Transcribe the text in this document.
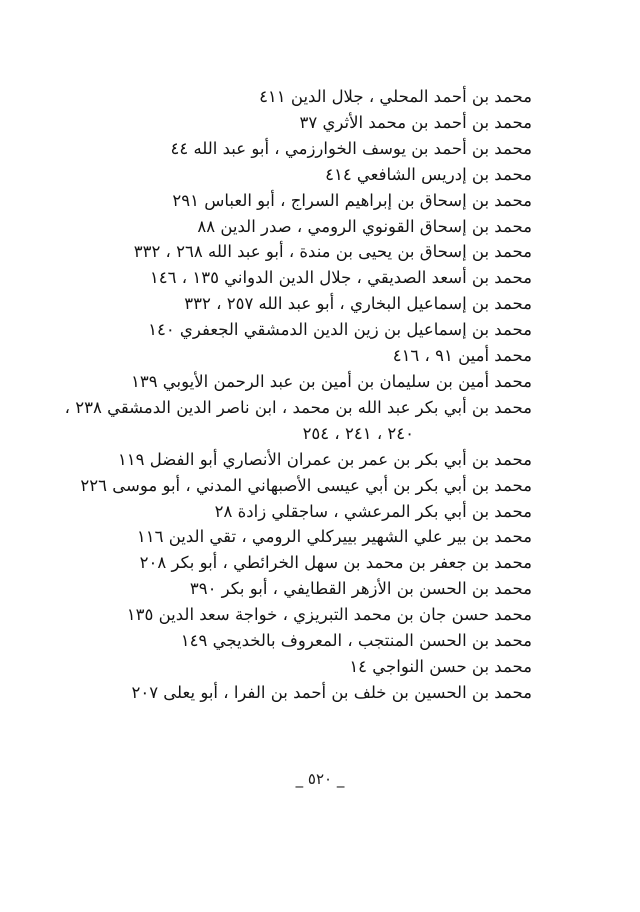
محمد بن أحمد المحلي ، جلال الدين ٤١١
محمد بن أحمد بن محمد الأثري ٣٧
محمد بن أحمد بن يوسف الخوارزمي ، أبو عبد الله ٤٤
محمد بن إدريس الشافعي ٤١٤
محمد بن إسحاق بن إبراهيم السراج ، أبو العباس ٢٩١
محمد بن إسحاق القونوي الرومي ، صدر الدين ٨٨
محمد بن إسحاق بن يحيى بن مندة ، أبو عبد الله ٢٦٨ ، ٣٣٢
محمد بن أسعد الصديقي ، جلال الدين الدواني ١٣٥ ، ١٤٦
محمد بن إسماعيل البخاري ، أبو عبد الله ٢٥٧ ، ٣٣٢
محمد بن إسماعيل بن زين الدين الدمشقي الجعفري ١٤٠
محمد أمين ٩١ ، ٤١٦
محمد أمين بن سليمان بن أمين بن عبد الرحمن الأيوبي ١٣٩
محمد بن أبي بكر عبد الله بن محمد ، ابن ناصر الدين الدمشقي ٢٣٨ ،
٢٤٠ ، ٢٤١ ، ٢٥٤
محمد بن أبي بكر بن عمر بن عمران الأنصاري أبو الفضل ١١٩
محمد بن أبي بكر بن أبي عيسى الأصبهاني المدني ، أبو موسى ٢٢٦
محمد بن أبي بكر المرعشي ، ساجقلي زادة ٢٨
محمد بن بير علي الشهير بييركلي الرومي ، تقي الدين ١١٦
محمد بن جعفر بن محمد بن سهل الخرائطي ، أبو بكر ٢٠٨
محمد بن الحسن بن الأزهر القطايفي ، أبو بكر ٣٩٠
محمد حسن جان بن محمد التبريزي ، خواجة سعد الدين ١٣٥
محمد بن الحسن المنتجب ، المعروف بالخديجي ١٤٩
محمد بن حسن النواجي ١٤
محمد بن الحسين بن خلف بن أحمد بن الفرا ، أبو يعلى ٢٠٧
_ ٥٢٠ _
